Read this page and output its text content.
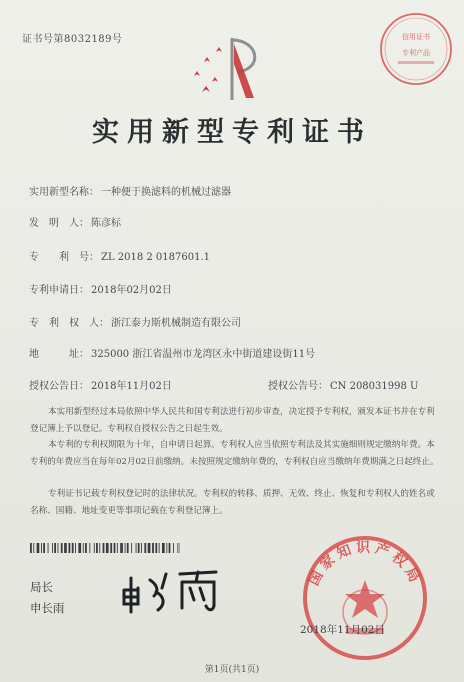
信用证书
专利产品
证书号第8032189号
实用新型专利证书
实用新型名称： 一种便于换滤料的机械过滤器
发　明　人： 陈彦标
专　　利　号： ZL 2018 2 0187601.1
专利申请日： 2018年02月02日
专　利　权　人： 浙江泰力斯机械制造有限公司
地　　　址： 325000 浙江省温州市龙湾区永中街道建设街11号
授权公告日： 2018年11月02日	授权公告号： CN 208031998 U
本实用新型经过本局依照中华人民共和国专利法进行初步审查，决定授予专利权，颁发本证书并在专利登记簿上予以登记。专利权自授权公告之日起生效。
本专利的专利权期限为十年，自申请日起算。专利权人应当依照专利法及其实施细则规定缴纳年费。本专利的年费应当在每年02月02日前缴纳。未按照规定缴纳年费的，专利权自应当缴纳年费期满之日起终止。
专利证书记载专利权登记时的法律状况。专利权的转移、质押、无效、终止、恢复和专利权人的姓名或名称、国籍、地址变更等事项记载在专利登记簿上。
局长
申长雨
国家知识产权局
2018年11月02日
第1页(共1页)
